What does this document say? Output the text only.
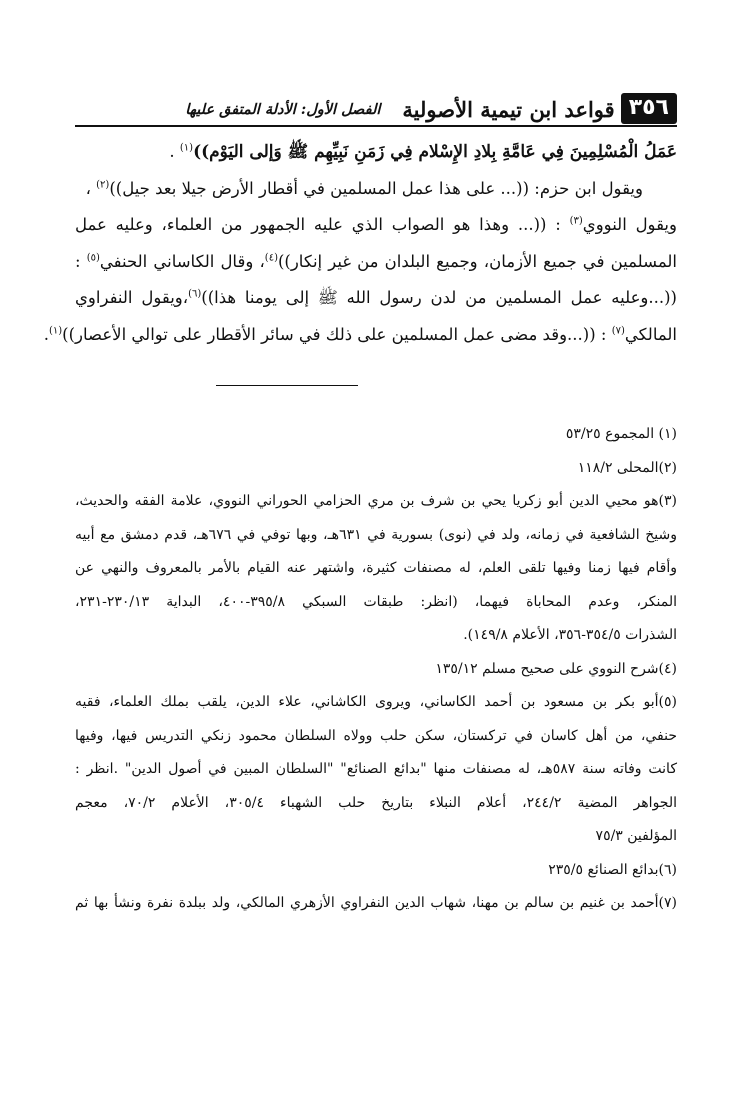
٣٥٦
قواعد ابن تيمية الأصولية
الفصل الأول: الأدلة المتفق عليها
عَمَلُ الْمُسْلِمِينَ فِي عَامَّةِ بِلادِ الإِسْلام فِي زَمَنِ نَبِيِّهِم ﷺ وَإلى اليَوْم))$^{(١)}$ .
ويقول ابن حزم: ((... على هذا عمل المسلمين في أقطار الأرض جيلا بعد جيل))$^{(٢)}$ ،
ويقول النووي$^{(٣)}$ : ((... وهذا هو الصواب الذي عليه الجمهور من العلماء، وعليه عمل
المسلمين في جميع الأزمان، وجميع البلدان من غير إنكار))$^{(٤)}$، وقال الكاساني الحنفي$^{(٥)}$ :
((...وعليه عمل المسلمين من لدن رسول الله ﷺ إلى يومنا هذا))$^{(٦)}$،ويقول النفراوي
المالكي$^{(٧)}$ : ((...وقد مضى عمل المسلمين على ذلك في سائر الأقطار على توالي الأعصار))$^{(١)}$.
(١) المجموع ٥٣/٢٥
(٢)المحلى ١١٨/٢
(٣)هو محيي الدين أبو زكريا يحي بن شرف بن مري الحزامي الحوراني النووي، علامة الفقه والحديث،
وشيخ الشافعية في زمانه، ولد في (نوى) بسورية في ٦٣١هـ، وبها توفي في ٦٧٦هـ، قدم دمشق مع أبيه
وأقام فيها زمنا وفيها تلقى العلم، له مصنفات كثيرة، واشتهر عنه القيام بالأمر بالمعروف والنهي عن
المنكر، وعدم المحاباة فيهما، (انظر: طبقات السبكي ٣٩٥/٨-٤٠٠، البداية ٢٣٠/١٣-٢٣١،
الشذرات ٣٥٤/٥-٣٥٦، الأعلام ١٤٩/٨).
(٤)شرح النووي على صحيح مسلم ١٣٥/١٢
(٥)أبو بكر بن مسعود بن أحمد الكاساني، ويروى الكاشاني، علاء الدين، يلقب بملك العلماء، فقيه
حنفي، من أهل كاسان في تركستان، سكن حلب وولاه السلطان محمود زنكي التدريس فيها، وفيها
كانت وفاته سنة ٥٨٧هـ، له مصنفات منها "بدائع الصنائع" "السلطان المبين في أصول الدين" .انظر :
الجواهر المضية ٢٤٤/٢، أعلام النبلاء بتاريخ حلب الشهباء ٣٠٥/٤، الأعلام ٧٠/٢، معجم
المؤلفين ٧٥/٣
(٦)بدائع الصنائع ٢٣٥/٥
(٧)أحمد بن غنيم بن سالم بن مهنا، شهاب الدين النفراوي الأزهري المالكي، ولد ببلدة نفرة ونشأ بها ثم
